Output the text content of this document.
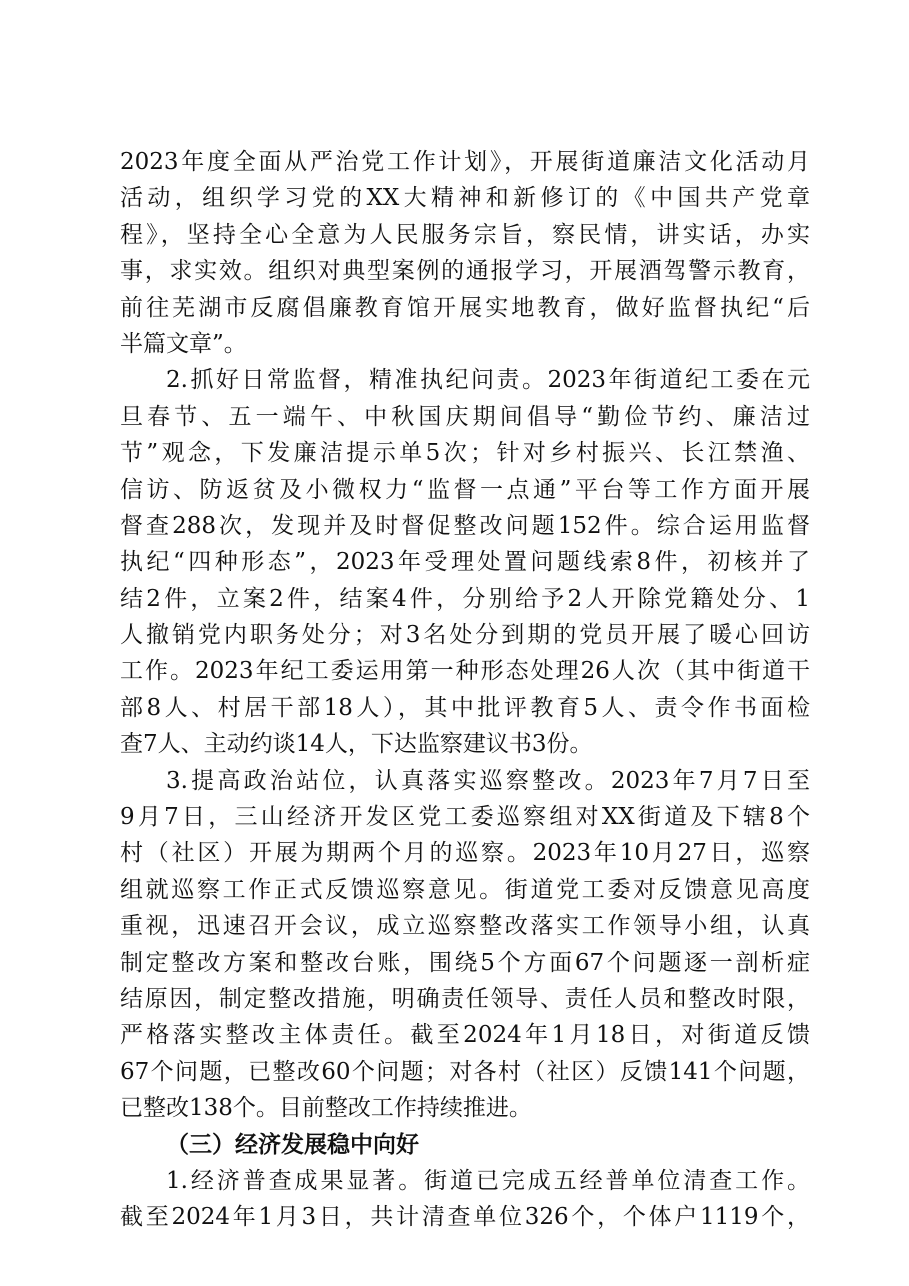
2023年度全面从严治党工作计划》，开展街道廉洁文化活动月
活动，组织学习党的XX大精神和新修订的《中国共产党章
程》，坚持全心全意为人民服务宗旨，察民情，讲实话，办实
事，求实效。组织对典型案例的通报学习，开展酒驾警示教育，
前往芜湖市反腐倡廉教育馆开展实地教育，做好监督执纪“后
半篇文章”。
2.抓好日常监督，精准执纪问责。2023年街道纪工委在元
旦春节、五一端午、中秋国庆期间倡导“勤俭节约、廉洁过
节”观念，下发廉洁提示单5次；针对乡村振兴、长江禁渔、
信访、防返贫及小微权力“监督一点通”平台等工作方面开展
督查288次，发现并及时督促整改问题152件。综合运用监督
执纪“四种形态”，2023年受理处置问题线索8件，初核并了
结2件，立案2件，结案4件，分别给予2人开除党籍处分、1
人撤销党内职务处分；对3名处分到期的党员开展了暖心回访
工作。2023年纪工委运用第一种形态处理26人次（其中街道干
部8人、村居干部18人），其中批评教育5人、责令作书面检
查7人、主动约谈14人，下达监察建议书3份。
3.提高政治站位，认真落实巡察整改。2023年7月7日至
9月7日，三山经济开发区党工委巡察组对XX街道及下辖8个
村（社区）开展为期两个月的巡察。2023年10月27日，巡察
组就巡察工作正式反馈巡察意见。街道党工委对反馈意见高度
重视，迅速召开会议，成立巡察整改落实工作领导小组，认真
制定整改方案和整改台账，围绕5个方面67个问题逐一剖析症
结原因，制定整改措施，明确责任领导、责任人员和整改时限，
严格落实整改主体责任。截至2024年1月18日，对街道反馈
67个问题，已整改60个问题；对各村（社区）反馈141个问题，
已整改138个。目前整改工作持续推进。
（三）经济发展稳中向好
1.经济普查成果显著。街道已完成五经普单位清查工作。
截至2024年1月3日，共计清查单位326个，个体户1119个，
